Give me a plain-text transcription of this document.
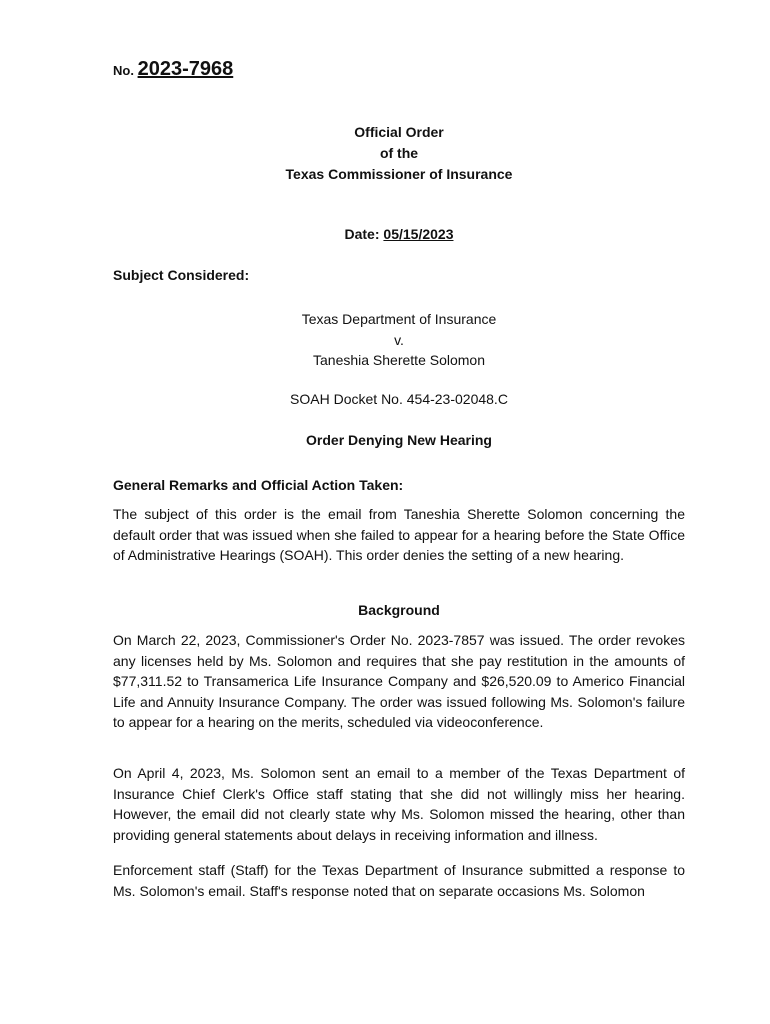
No. 2023-7968
Official Order
of the
Texas Commissioner of Insurance
Date: 05/15/2023
Subject Considered:
Texas Department of Insurance
v.
Taneshia Sherette Solomon
SOAH Docket No. 454-23-02048.C
Order Denying New Hearing
General Remarks and Official Action Taken:
The subject of this order is the email from Taneshia Sherette Solomon concerning the default order that was issued when she failed to appear for a hearing before the State Office of Administrative Hearings (SOAH). This order denies the setting of a new hearing.
Background
On March 22, 2023, Commissioner's Order No. 2023-7857 was issued. The order revokes any licenses held by Ms. Solomon and requires that she pay restitution in the amounts of $77,311.52 to Transamerica Life Insurance Company and $26,520.09 to Americo Financial Life and Annuity Insurance Company. The order was issued following Ms. Solomon's failure to appear for a hearing on the merits, scheduled via videoconference.
On April 4, 2023, Ms. Solomon sent an email to a member of the Texas Department of Insurance Chief Clerk's Office staff stating that she did not willingly miss her hearing. However, the email did not clearly state why Ms. Solomon missed the hearing, other than providing general statements about delays in receiving information and illness.
Enforcement staff (Staff) for the Texas Department of Insurance submitted a response to Ms. Solomon's email. Staff's response noted that on separate occasions Ms. Solomon
